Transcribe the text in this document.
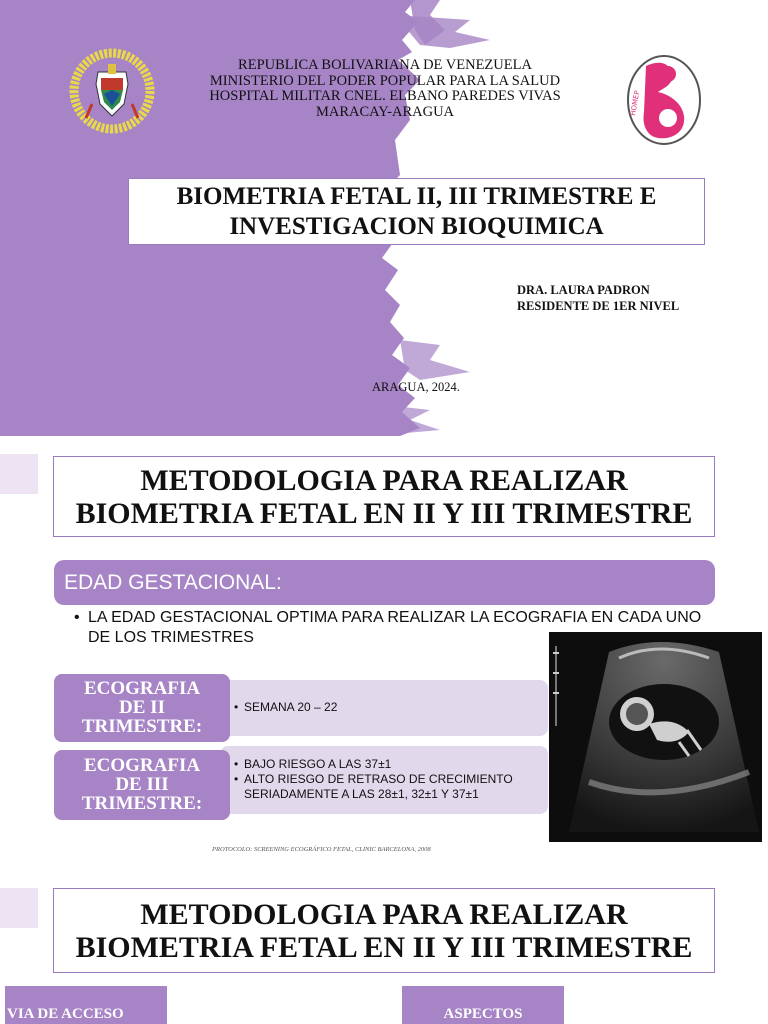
REPUBLICA BOLIVARIANA DE VENEZUELA
MINISTERIO DEL PODER POPULAR PARA LA SALUD
HOSPITAL MILITAR CNEL. ELBANO PAREDES VIVAS
MARACAY-ARAGUA	HOMEP
BIOMETRIA FETAL II, III TRIMESTRE E
INVESTIGACION BIOQUIMICA
DRA. LAURA PADRON
RESIDENTE DE 1ER NIVEL
ARAGUA, 2024.
METODOLOGIA PARA REALIZAR
BIOMETRIA FETAL EN II Y III TRIMESTRE
EDAD GESTACIONAL:
• LA EDAD GESTACIONAL OPTIMA PARA REALIZAR LA ECOGRAFIA EN CADA UNO DE LOS TRIMESTRES
• SEMANA 20 – 22
ECOGRAFIA
DE II
TRIMESTRE:
• BAJO RIESGO A LAS 37±1
• ALTO RIESGO DE RETRASO DE CRECIMIENTO SERIADAMENTE A LAS 28±1, 32±1 Y 37±1
ECOGRAFIA
DE III
TRIMESTRE:
PROTOCOLO: SCREENING ECOGRÁFICO FETAL, CLINIC BARCELONA, 2008
METODOLOGIA PARA REALIZAR
BIOMETRIA FETAL EN II Y III TRIMESTRE
VIA DE ACCESO	ASPECTOS
